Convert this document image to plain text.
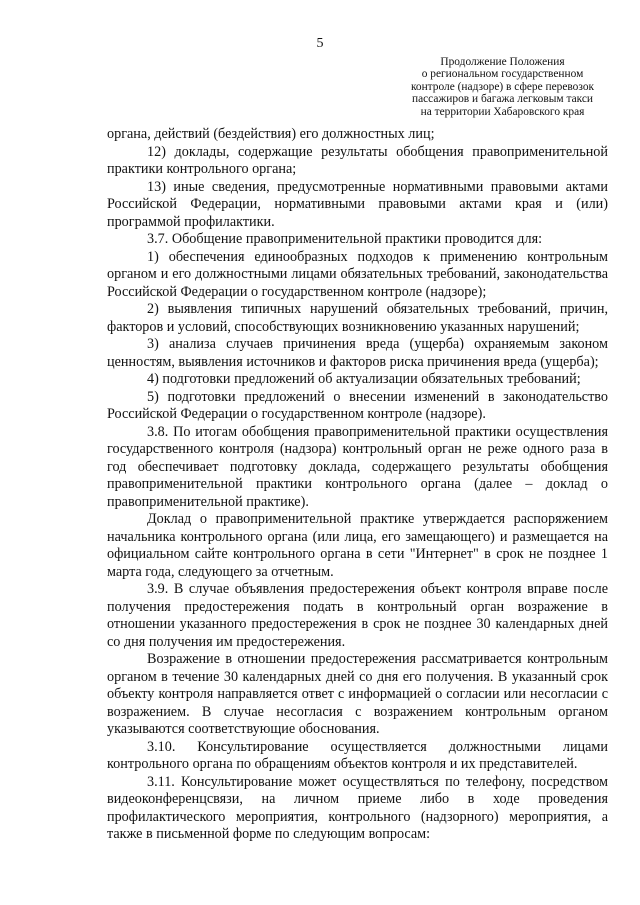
5
Продолжение Положения
о региональном государственном
контроле (надзоре) в сфере перевозок
пассажиров и багажа легковым такси
на территории Хабаровского края

органа, действий (бездействия) его должностных лиц;

12) доклады, содержащие результаты обобщения правоприменительной практики контрольного органа;

13) иные сведения, предусмотренные нормативными правовыми актами Российской Федерации, нормативными правовыми актами края и (или) программой профилактики.

3.7. Обобщение правоприменительной практики проводится для:

1) обеспечения единообразных подходов к применению контрольным органом и его должностными лицами обязательных требований, законодательства Российской Федерации о государственном контроле (надзоре);

2) выявления типичных нарушений обязательных требований, причин, факторов и условий, способствующих возникновению указанных нарушений;

3) анализа случаев причинения вреда (ущерба) охраняемым законом ценностям, выявления источников и факторов риска причинения вреда (ущерба);

4) подготовки предложений об актуализации обязательных требований;

5) подготовки предложений о внесении изменений в законодательство Российской Федерации о государственном контроле (надзоре).

3.8. По итогам обобщения правоприменительной практики осуществления государственного контроля (надзора) контрольный орган не реже одного раза в год обеспечивает подготовку доклада, содержащего результаты обобщения правоприменительной практики контрольного органа (далее – доклад о правоприменительной практике).

Доклад о правоприменительной практике утверждается распоряжением начальника контрольного органа (или лица, его замещающего) и размещается на официальном сайте контрольного органа в сети "Интернет" в срок не позднее 1 марта года, следующего за отчетным.

3.9. В случае объявления предостережения объект контроля вправе после получения предостережения подать в контрольный орган возражение в отношении указанного предостережения в срок не позднее 30 календарных дней со дня получения им предостережения.

Возражение в отношении предостережения рассматривается контрольным органом в течение 30 календарных дней со дня его получения. В указанный срок объекту контроля направляется ответ с информацией о согласии или несогласии с возражением. В случае несогласия с возражением контрольным органом указываются соответствующие обоснования.

3.10. Консультирование осуществляется должностными лицами контрольного органа по обращениям объектов контроля и их представителей.

3.11. Консультирование может осуществляться по телефону, посредством видеоконференцсвязи, на личном приеме либо в ходе проведения профилактического мероприятия, контрольного (надзорного) мероприятия, а также в письменной форме по следующим вопросам:
